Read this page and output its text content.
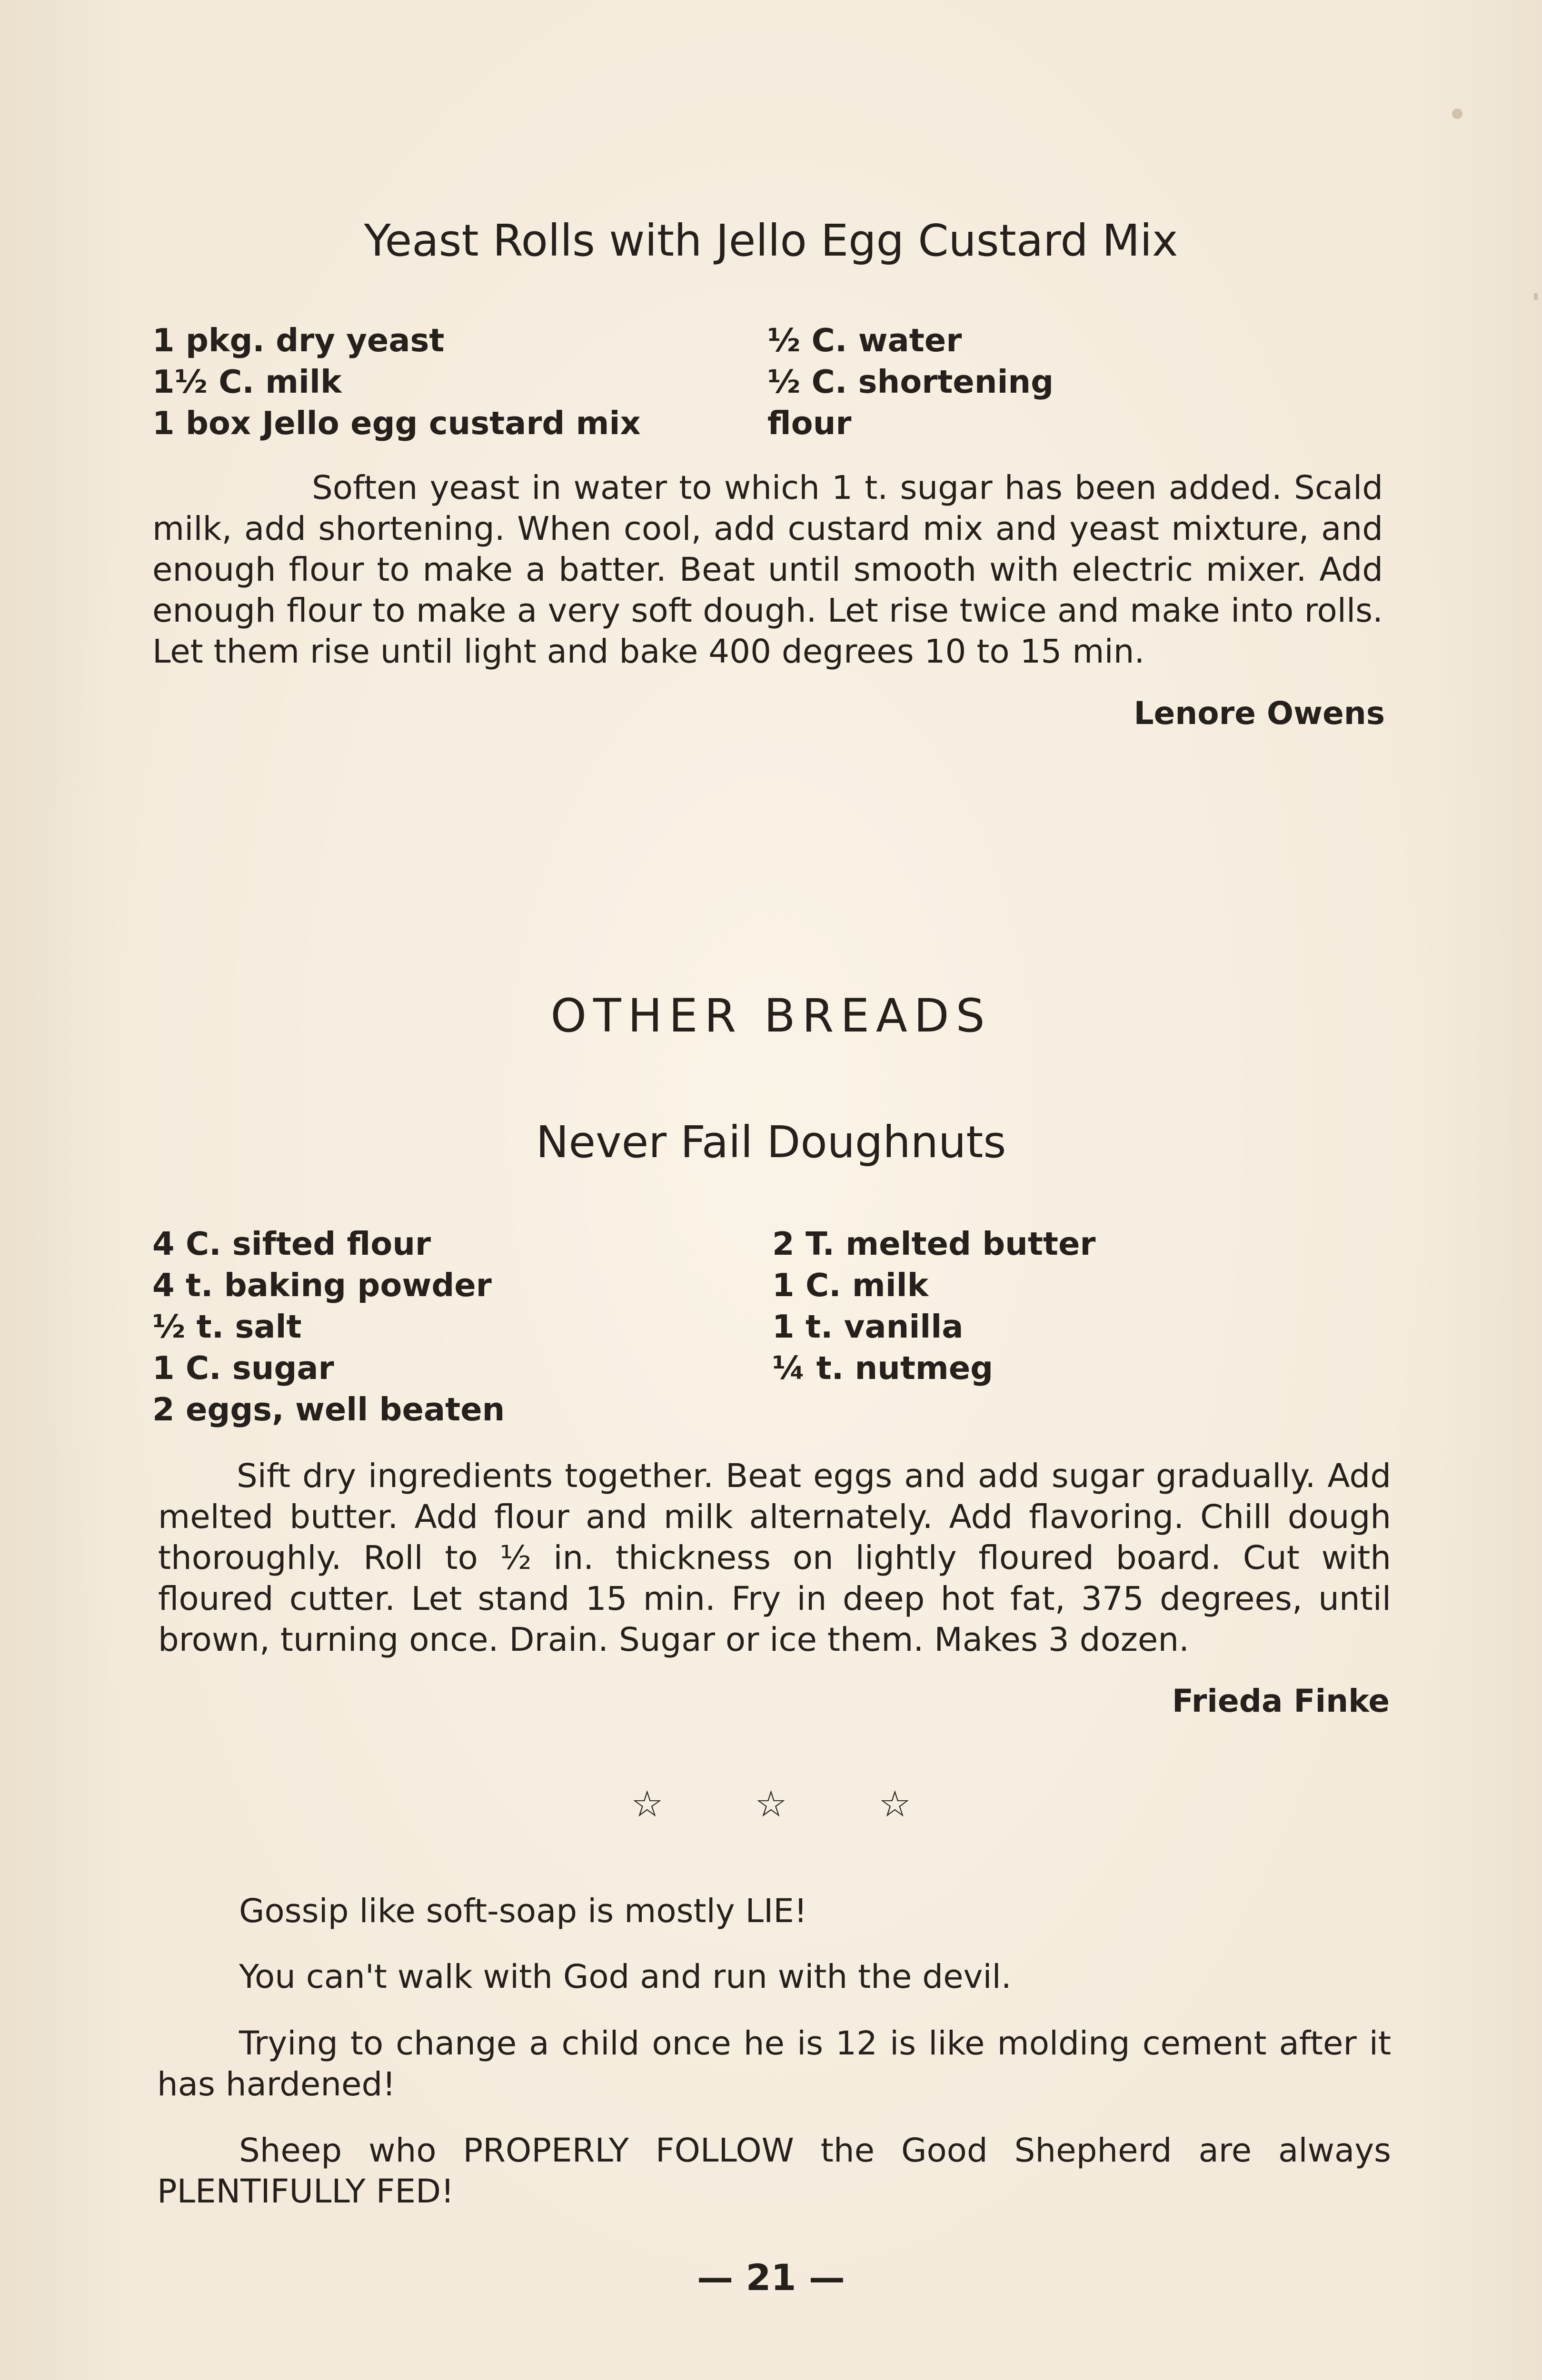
Yeast Rolls with Jello Egg Custard Mix
1 pkg. dry yeast
1½ C. milk
1 box Jello egg custard mix
½ C. water
½ C. shortening
flour

Soften yeast in water to which 1 t. sugar has been added. Scald milk, add shortening. When cool, add custard mix and yeast mixture, and enough flour to make a batter. Beat until smooth with electric mixer. Add enough flour to make a very soft dough. Let rise twice and make into rolls. Let them rise until light and bake 400 degrees 10 to 15 min.

Lenore Owens

OTHER BREADS
Never Fail Doughnuts
4 C. sifted flour
4 t. baking powder
½ t. salt
1 C. sugar
2 eggs, well beaten
2 T. melted butter
1 C. milk
1 t. vanilla
¼ t. nutmeg

Sift dry ingredients together. Beat eggs and add sugar gradually. Add melted butter. Add flour and milk alternately. Add flavoring. Chill dough thoroughly. Roll to ½ in. thickness on lightly floured board. Cut with floured cutter. Let stand 15 min. Fry in deep hot fat, 375 degrees, until brown, turning once. Drain. Sugar or ice them. Makes 3 dozen.

Frieda Finke

☆	☆	☆

Gossip like soft-soap is mostly LIE!

You can't walk with God and run with the devil.

Trying to change a child once he is 12 is like molding cement after it has hardened!

Sheep who PROPERLY FOLLOW the Good Shepherd are always PLENTIFULLY FED!

— 21 —
